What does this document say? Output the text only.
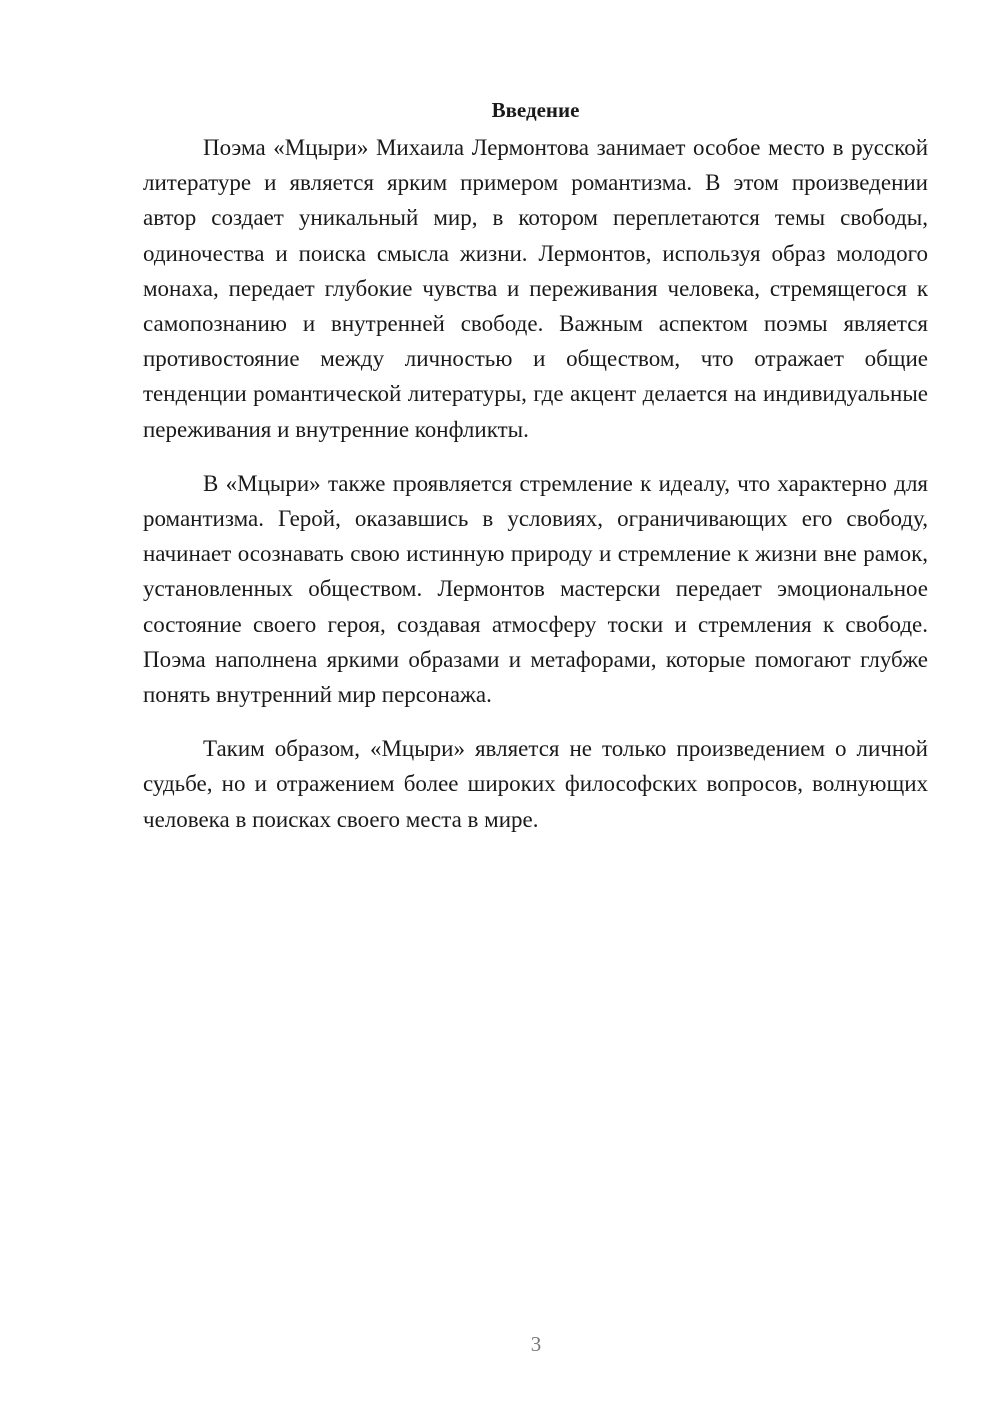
Введение

Поэма «Мцыри» Михаила Лермонтова занимает особое место в русской литературе и является ярким примером романтизма. В этом произведении автор создает уникальный мир, в котором переплетаются темы свободы, одиночества и поиска смысла жизни. Лермонтов, используя образ молодого монаха, передает глубокие чувства и переживания человека, стремящегося к самопознанию и внутренней свободе. Важным аспектом поэмы является противостояние между личностью и обществом, что отражает общие тенденции романтической литературы, где акцент делается на индивидуальные переживания и внутренние конфликты.

В «Мцыри» также проявляется стремление к идеалу, что характерно для романтизма. Герой, оказавшись в условиях, ограничивающих его свободу, начинает осознавать свою истинную природу и стремление к жизни вне рамок, установленных обществом. Лермонтов мастерски передает эмоциональное состояние своего героя, создавая атмосферу тоски и стремления к свободе. Поэма наполнена яркими образами и метафорами, которые помогают глубже понять внутренний мир персонажа.

Таким образом, «Мцыри» является не только произведением о личной судьбе, но и отражением более широких философских вопросов, волнующих человека в поисках своего места в мире.

3
